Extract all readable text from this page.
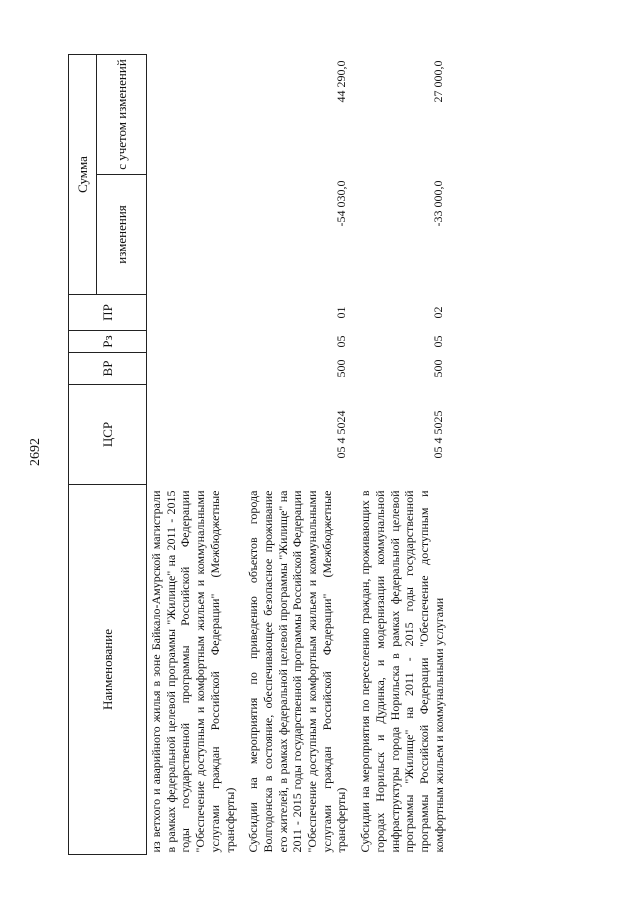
2692
Наименование	ЦСР	ВР	Рз	ПР	Сумма	
					изменения	с учетом изменений
из ветхого и аварийного жилья в зоне Байкало-Амурской магистрали в рамках федеральной целевой программы "Жилище" на 2011 - 2015 годы государственной программы Российской Федерации "Обеспечение доступным и комфортным жильем и коммунальными услугами граждан Российской Федерации" (Межбюджетные трансферты)						
Субсидии на мероприятия по приведению объектов города Волгодонска в состояние, обеспечивающее безопасное проживание его жителей, в рамках федеральной целевой программы "Жилище" на 2011 - 2015 годы государственной программы Российской Федерации "Обеспечение доступным и комфортным жильем и коммунальными услугами граждан Российской Федерации" (Межбюджетные трансферты)	05 4 5024	500	05	01	-54 030,0	44 290,0
Субсидии на мероприятия по переселению граждан, проживающих в городах Норильск и Дудинка, и модернизации коммунальной инфраструктуры города Норильска в рамках федеральной целевой программы "Жилище" на 2011 - 2015 годы государственной программы Российской Федерации "Обеспечение доступным и комфортным жильем и коммунальными услугами	05 4 5025	500	05	02	-33 000,0	27 000,0
